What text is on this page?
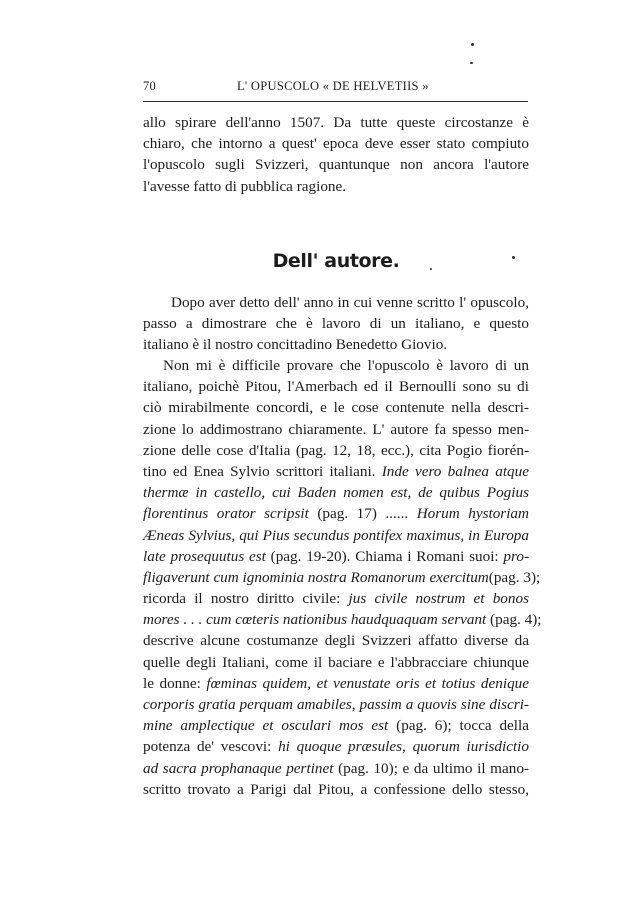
70	L' OPUSCOLO « DE HELVETIIS »
allo spirare dell'anno 1507. Da tutte queste circostanze è
chiaro, che intorno a quest' epoca deve esser stato compiuto
l'opuscolo sugli Svizzeri, quantunque non ancora l'autore
l'avesse fatto di pubblica ragione.
Dell' autore.
Dopo aver detto dell' anno in cui venne scritto l' opuscolo,
passo a dimostrare che è lavoro di un italiano, e questo
italiano è il nostro concittadino Benedetto Giovio.
Non mi è difficile provare che l'opuscolo è lavoro di un
italiano, poichè Pitou, l'Amerbach ed il Bernoulli sono su di
ciò mirabilmente concordi, e le cose contenute nella descri-
zione lo addimostrano chiaramente. L' autore fa spesso men-
zione delle cose d'Italia (pag. 12, 18, ecc.), cita Pogio fiorén-
tino ed Enea Sylvio scrittori italiani. Inde vero balnea atque
thermæ in castello, cui Baden nomen est, de quibus Pogius
florentinus orator scripsit (pag. 17) ...... Horum hystoriam
Æneas Sylvius, qui Pius secundus pontifex maximus, in Europa
late prosequutus est (pag. 19-20). Chiama i Romani suoi: pro-
fligaverunt cum ignominia nostra Romanorum exercitum(pag. 3);
ricorda il nostro diritto civile: jus civile nostrum et bonos
mores . . . cum cœteris nationibus haudquaquam servant (pag. 4);
descrive alcune costumanze degli Svizzeri affatto diverse da
quelle degli Italiani, come il baciare e l'abbracciare chiunque
le donne: fœminas quidem, et venustate oris et totius denique
corporis gratia perquam amabiles, passim a quovis sine discri-
mine amplectique et osculari mos est (pag. 6); tocca della
potenza de' vescovi: hi quoque præsules, quorum iurisdictio
ad sacra prophanaque pertinet (pag. 10); e da ultimo il mano-
scritto trovato a Parigi dal Pitou, a confessione dello stesso,
